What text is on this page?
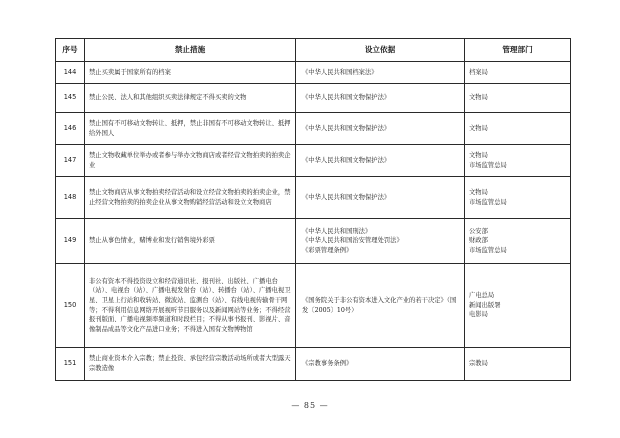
序号	禁止措施	设立依据	管理部门
144	禁止买卖属于国家所有的档案	《中华人民共和国档案法》	档案局

145	禁止公民、法人和其他组织买卖法律规定不得买卖的文物	《中华人民共和国文物保护法》	文物局

146	禁止国有不可移动文物转让、抵押，禁止非国有不可移动文物转让、抵押给外国人	《中华人民共和国文物保护法》	文物局

147	禁止文物收藏单位举办或者参与举办文物商店或者经营文物拍卖的拍卖企业	《中华人民共和国文物保护法》	文物局
市场监管总局

148	禁止文物商店从事文物拍卖经营活动和设立经营文物拍卖的拍卖企业，禁止经营文物拍卖的拍卖企业从事文物购销经营活动和设立文物商店	《中华人民共和国文物保护法》	文物局
市场监管总局

149	禁止从事色情业，赌博业和发行销售境外彩票	《中华人民共和国刑法》
《中华人民共和国治安管理处罚法》
《彩票管理条例》	公安部
财政部
市场监管总局

150	非公有资本不得投资设立和经营通讯社、报刊社、出版社、广播电台（站）、电视台（站）、广播电视发射台（站）、转播台（站）、广播电视卫星、卫星上行站和收转站、微波站、监测台（站）、有线电视传输骨干网等；不得利用信息网络开展视听节目服务以及新闻网站等业务；不得经营报刊版面、广播电视频率频道和时段栏目；不得从事书报刊、影视片、音像制品成品等文化产品进口业务；不得进入国有文物博物馆	《国务院关于非公有资本进入文化产业的若干决定》（国发〔2005〕10号）	广电总局
新闻出版署
电影局

151	禁止商业资本介入宗教；禁止投资、承包经营宗教活动场所或者大型露天宗教造像	《宗教事务条例》	宗教局
— 85 —
